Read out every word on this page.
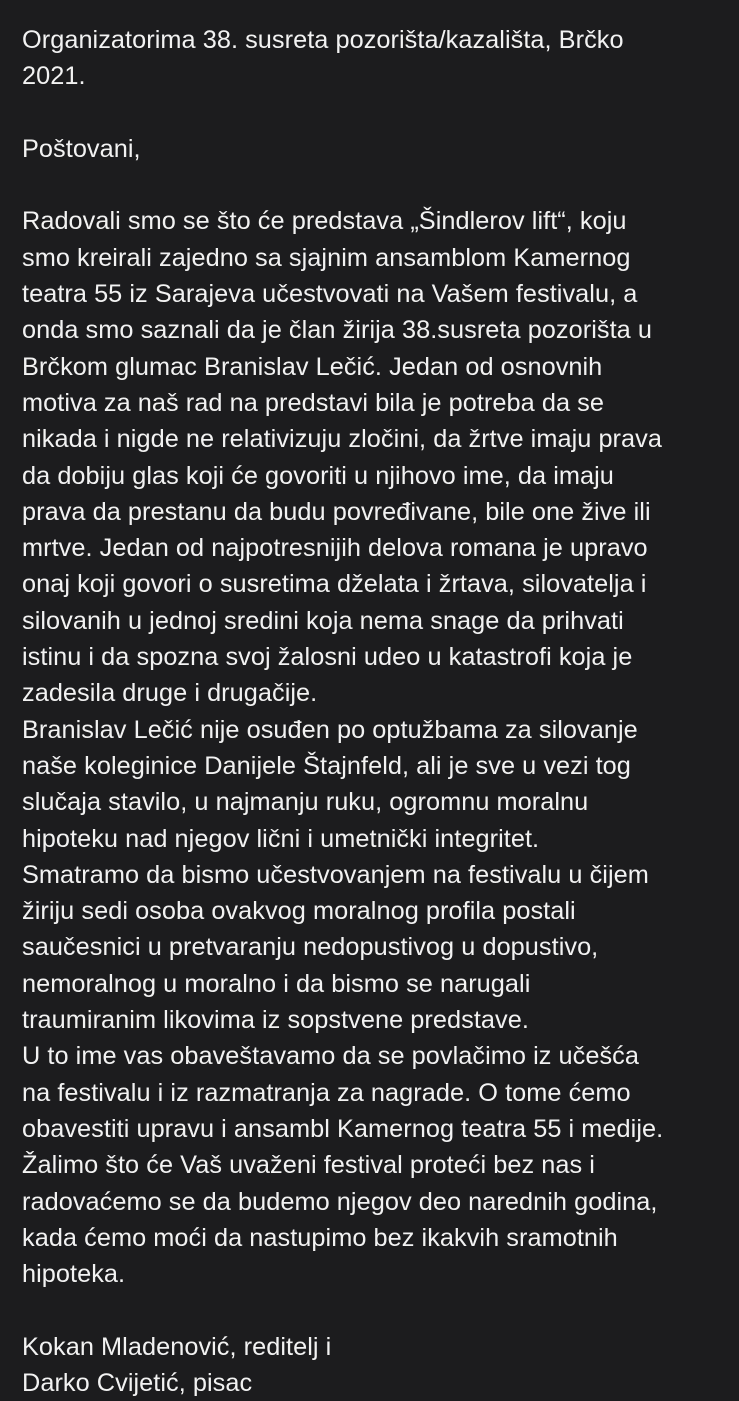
Organizatorima 38. susreta pozorišta/kazališta, Brčko
2021.
Poštovani,
Radovali smo se što će predstava „Šindlerov lift“, koju
smo kreirali zajedno sa sjajnim ansamblom Kamernog
teatra 55 iz Sarajeva učestvovati na Vašem festivalu, a
onda smo saznali da je član žirija 38.susreta pozorišta u
Brčkom glumac Branislav Lečić. Jedan od osnovnih
motiva za naš rad na predstavi bila je potreba da se
nikada i nigde ne relativizuju zločini, da žrtve imaju prava
da dobiju glas koji će govoriti u njihovo ime, da imaju
prava da prestanu da budu povređivane, bile one žive ili
mrtve. Jedan od najpotresnijih delova romana je upravo
onaj koji govori o susretima dželata i žrtava, silovatelja i
silovanih u jednoj sredini koja nema snage da prihvati
istinu i da spozna svoj žalosni udeo u katastrofi koja je
zadesila druge i drugačije.
Branislav Lečić nije osuđen po optužbama za silovanje
naše koleginice Danijele Štajnfeld, ali je sve u vezi tog
slučaja stavilo, u najmanju ruku, ogromnu moralnu
hipoteku nad njegov lični i umetnički integritet.
Smatramo da bismo učestvovanjem na festivalu u čijem
žiriju sedi osoba ovakvog moralnog profila postali
saučesnici u pretvaranju nedopustivog u dopustivo,
nemoralnog u moralno i da bismo se narugali
traumiranim likovima iz sopstvene predstave.
U to ime vas obaveštavamo da se povlačimo iz učešća
na festivalu i iz razmatranja za nagrade. O tome ćemo
obavestiti upravu i ansambl Kamernog teatra 55 i medije.
Žalimo što će Vaš uvaženi festival proteći bez nas i
radovaćemo se da budemo njegov deo narednih godina,
kada ćemo moći da nastupimo bez ikakvih sramotnih
hipoteka.
Kokan Mladenović, reditelj i
Darko Cvijetić, pisac
